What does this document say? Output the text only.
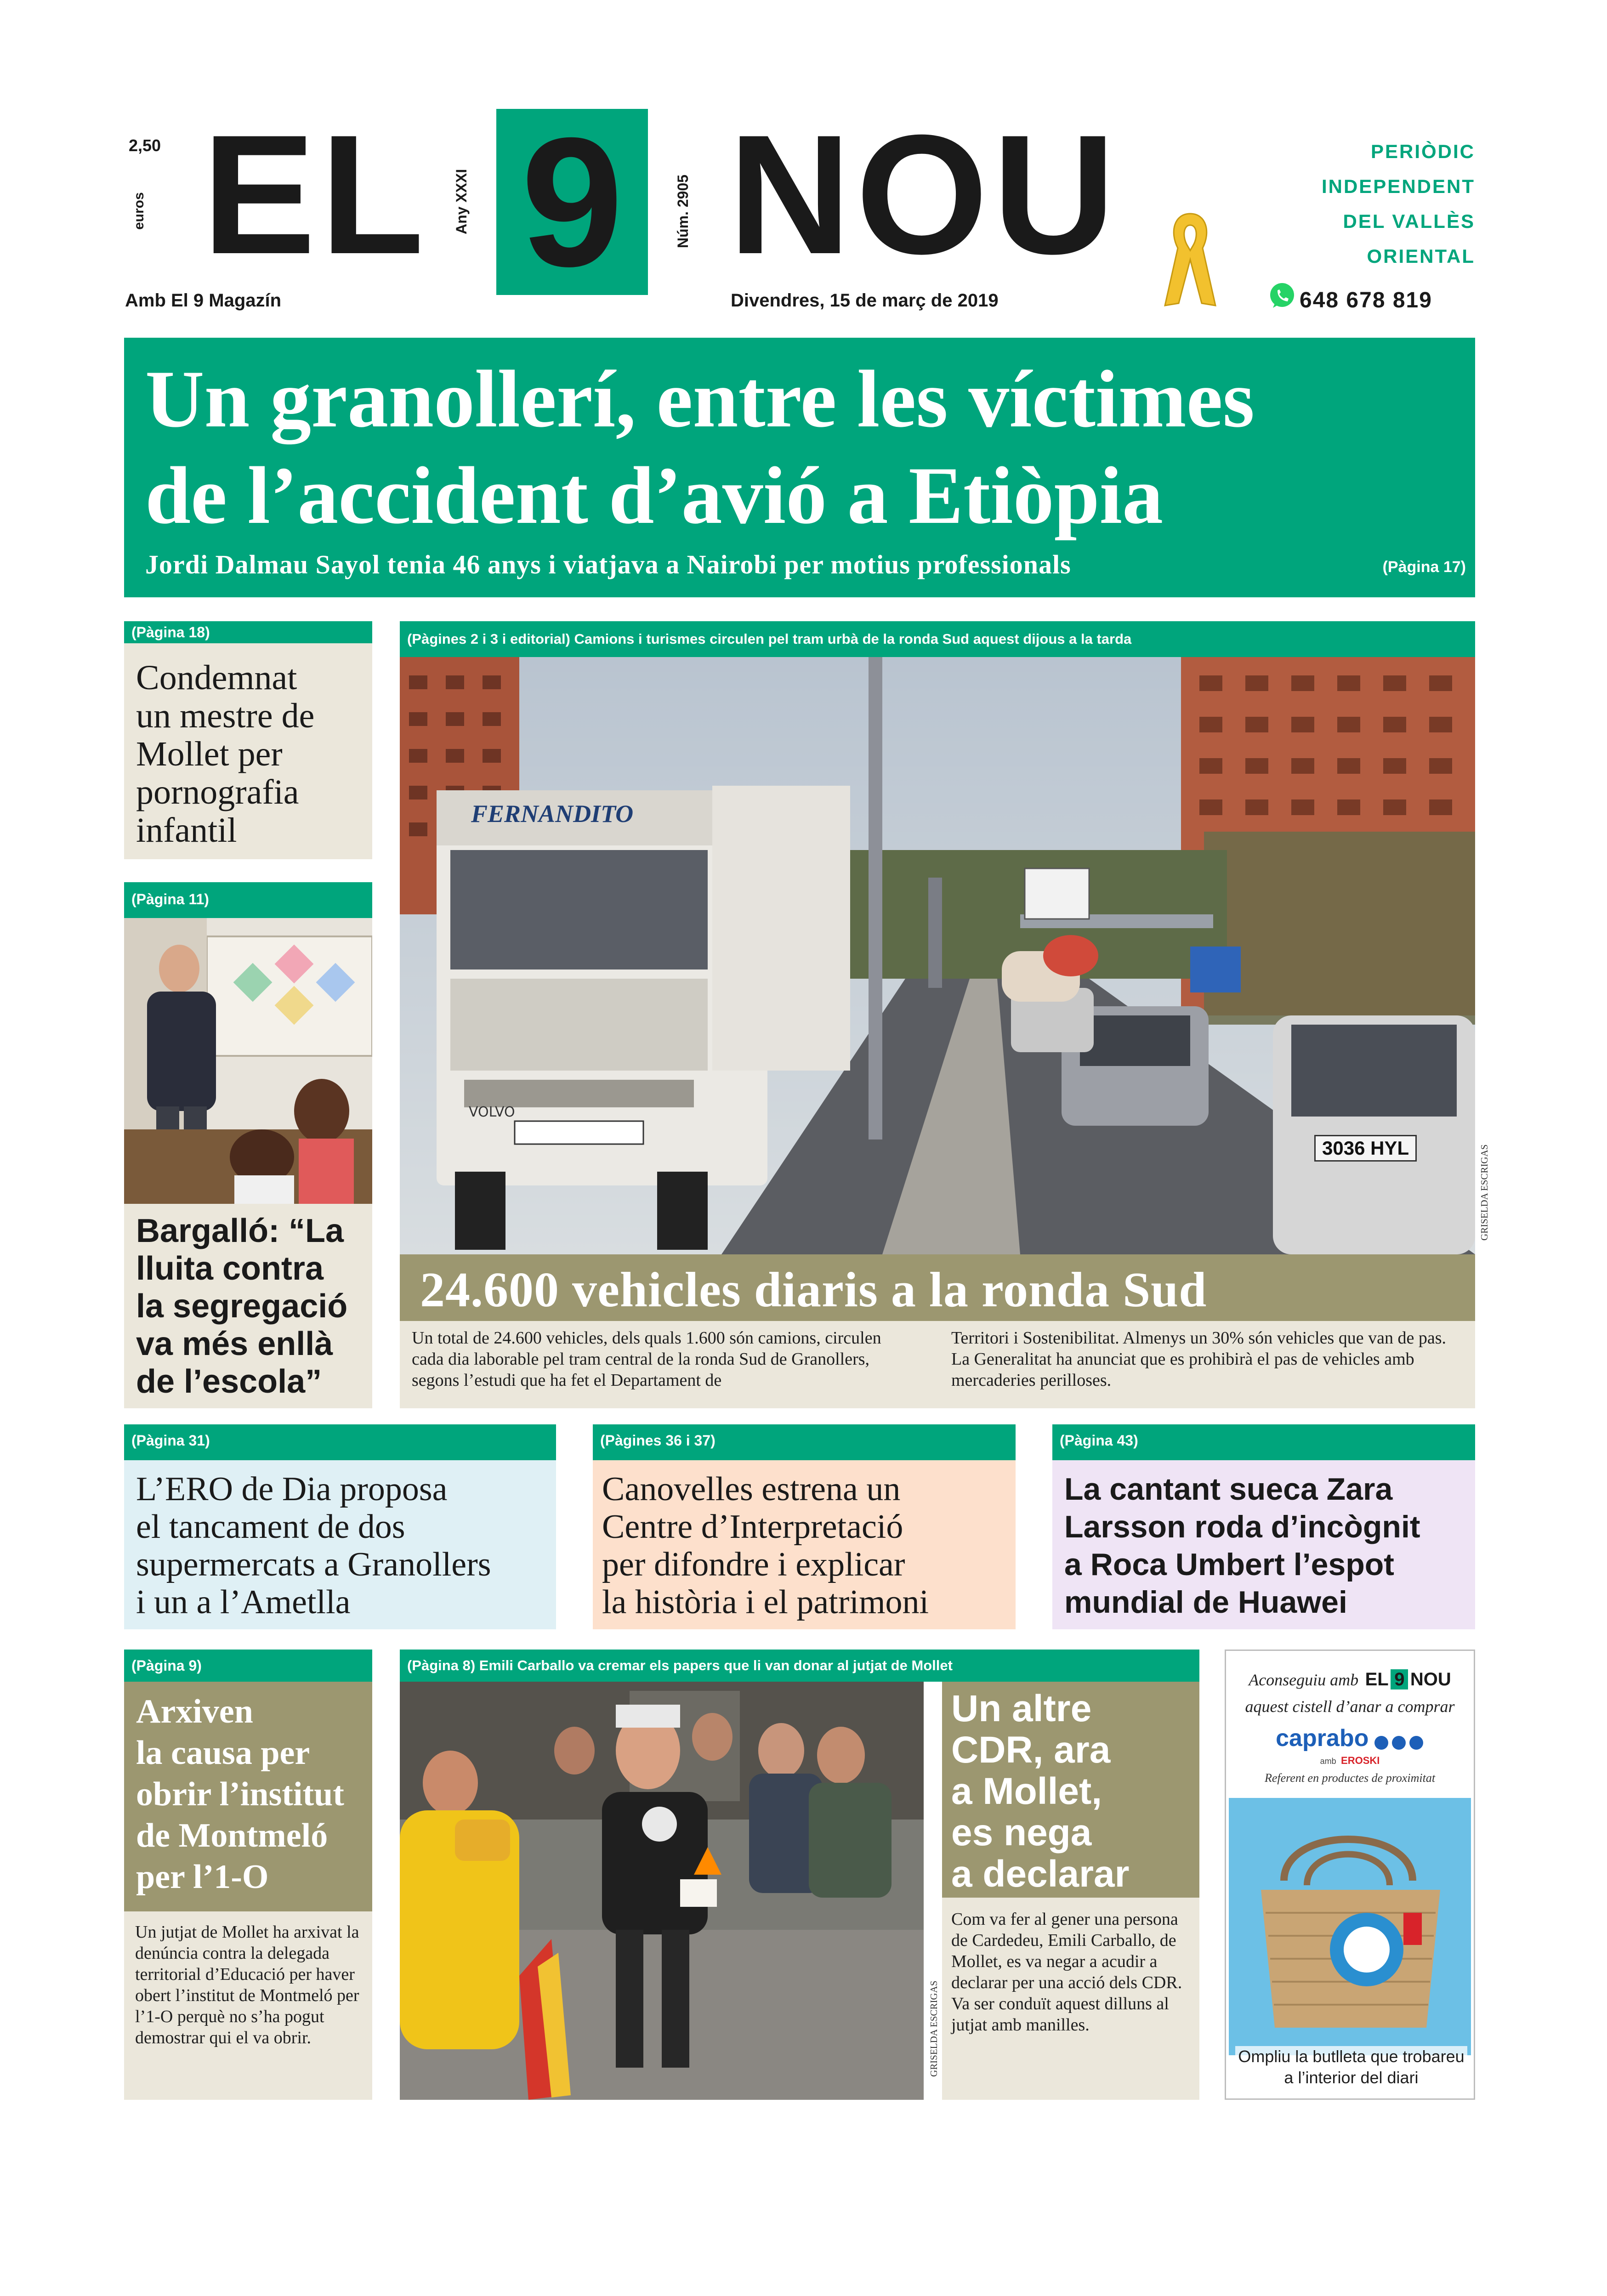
2,50
euros EL Any XXXI 9	Núm. 2905 NOU	PERIÒDIC
INDEPENDENT
DEL VALLÈS
ORIENTAL
Amb El 9 Magazín	Divendres, 15 de març de 2019	648 678 819
Un granollerí, entre les víctimes
de l’accident d’avió a Etiòpia
Jordi Dalmau Sayol tenia 46 anys i viatjava a Nairobi per motius professionals	(Pàgina 17)
(Pàgina 18)
Condemnat
un mestre de
Mollet per
pornografia
infantil
(Pàgina 11)
Bargalló: “La
lluita contra
la segregació
va més enllà
de l’escola”
(Pàgines 2 i 3 i editorial) Camions i turismes circulen pel tram urbà de la ronda Sud aquest dijous a la tarda
VOLVO
FERNANDITO
3036 HYL	GRISELDA ESCRIGAS
24.600 vehicles diaris a la ronda Sud
Un total de 24.600 vehicles, dels quals 1.600 són camions, circulen cada dia laborable pel tram central de la ronda Sud de Granollers, segons l’estudi que ha fet el Departament de
Territori i Sostenibilitat. Almenys un 30% són vehicles que van de pas. La Generalitat ha anunciat que es prohibirà el pas de vehicles amb mercaderies perilloses.
(Pàgina 31)
L’ERO de Dia proposa
el tancament de dos
supermercats a Granollers
i un a l’Ametlla
(Pàgines 36 i 37)
Canovelles estrena un
Centre d’Interpretació
per difondre i explicar
la història i el patrimoni
(Pàgina 43)
La cantant sueca Zara
Larsson roda d’incògnit
a Roca Umbert l’espot
mundial de Huawei
(Pàgina 9)
Arxiven
la causa per
obrir l’institut
de Montmeló
per l’1-O
Un jutjat de Mollet ha arxivat la denúncia contra la delegada territorial d’Educació per haver obert l’institut de Montmeló per l’1-O perquè no s’ha pogut demostrar qui el va obrir.
(Pàgina 8) Emili Carballo va cremar els papers que li van donar al jutjat de Mollet
GRISELDA ESCRIGAS
Un altre
CDR, ara
a Mollet,
es nega
a declarar
Com va fer al gener una persona de Cardedeu, Emili Carballo, de Mollet, es va negar a acudir a declarar per una acció dels CDR. Va ser conduït aquest dilluns al jutjat amb manilles.
Aconseguiu amb EL 9 NOU
aquest cistell d’anar a comprar
caprabo
amb EROSKI
Referent en productes de proximitat
Ompliu la butlleta que trobareu a l’interior del diari
